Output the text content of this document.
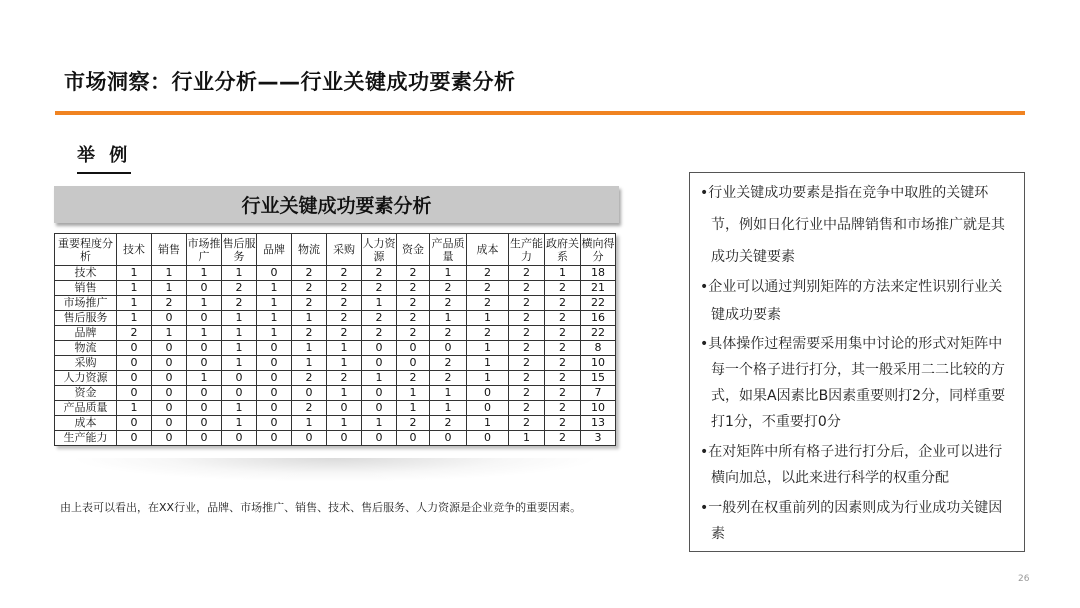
市场洞察：行业分析——行业关键成功要素分析
举 例
行业关键成功要素分析
重要程度分析	技术	销售	市场推广	售后服务	品牌	物流	采购	人力资源	资金	产品质量	成本	生产能力	政府关系	横向得分
技术	1	1	1	1	0	2	2	2	2	1	2	2	1	18
销售	1	1	0	2	1	2	2	2	2	2	2	2	2	21
市场推广	1	2	1	2	1	2	2	1	2	2	2	2	2	22
售后服务	1	0	0	1	1	1	2	2	2	1	1	2	2	16
品牌	2	1	1	1	1	2	2	2	2	2	2	2	2	22
物流	0	0	0	1	0	1	1	0	0	0	1	2	2	8
采购	0	0	0	1	0	1	1	0	0	2	1	2	2	10
人力资源	0	0	1	0	0	2	2	1	2	2	1	2	2	15
资金	0	0	0	0	0	0	1	0	1	1	0	2	2	7
产品质量	1	0	0	1	0	2	0	0	1	1	0	2	2	10
成本	0	0	0	1	0	1	1	1	2	2	1	2	2	13
生产能力	0	0	0	0	0	0	0	0	0	0	0	1	2	3
由上表可以看出，在XX行业，品牌、市场推广、销售、技术、售后服务、人力资源是企业竞争的重要因素。

•行业关键成功要素是指在竞争中取胜的关键环节，例如日化行业中品牌销售和市场推广就是其成功关键要素

•企业可以通过判别矩阵的方法来定性识别行业关键成功要素

•具体操作过程需要采用集中讨论的形式对矩阵中每一个格子进行打分，其一般采用二二比较的方式，如果A因素比B因素重要则打2分，同样重要打1分，不重要打0分

•在对矩阵中所有格子进行打分后，企业可以进行横向加总，以此来进行科学的权重分配

•一般列在权重前列的因素则成为行业成功关键因素

26
